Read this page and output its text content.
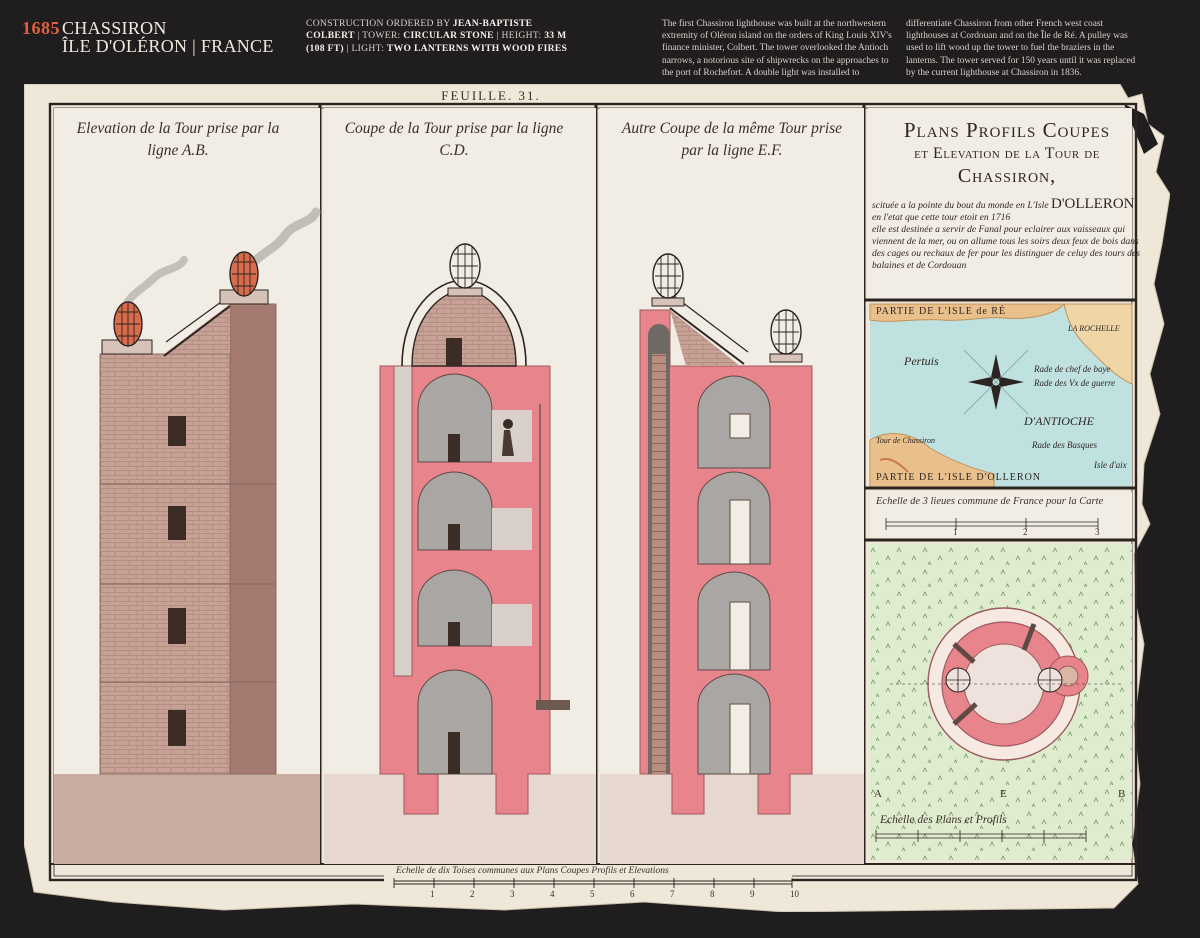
1685 CHASSIRON
ÎLE D'OLÉRON | FRANCE
CONSTRUCTION ORDERED BY JEAN-BAPTISTE
COLBERT | TOWER: CIRCULAR STONE | HEIGHT: 33 M
(108 FT) | LIGHT: TWO LANTERNS WITH WOOD FIRES
The first Chassiron lighthouse was built at the northwestern extremity of Oléron island on the orders of King Louis XIV's finance minister, Colbert. The tower overlooked the Antioch narrows, a notorious site of shipwrecks on the approaches to the port of Rochefort. A double light was installed to
differentiate Chassiron from other French west coast lighthouses at Cordouan and on the Île de Ré. A pulley was used to lift wood up the tower to fuel the braziers in the lanterns. The tower served for 150 years until it was replaced by the current lighthouse at Chassiron in 1836.
FEUILLE. 31.
Elevation de la Tour prise par la ligne A.B.
Coupe de la Tour prise par la ligne C.D.
Autre Coupe de la même Tour prise par la ligne E.F.
Plans Profils Coupes
et Elevation de la Tour de
Chassiron,
scituée a la pointe du bout du monde en L'Isle D'OLLERON en l'etat que cette tour etoit en 1716
elle est destinée a servir de Fanal pour eclairer aux vaisseaux qui viennent de la mer, ou on allume tous les soirs deux feux de bois dans des cages ou rechaux de fer pour les distinguer de celuy des tours des balaines et de Cordouan
PARTIE DE L'ISLE de RÉ
Pertuis
D'ANTIOCHE
Rade de chef de baye
Rade des Vx de guerre
LA ROCHELLE
Rade des Basques
Isle d'aix
Tour de Chassiron
PARTIE DE L'ISLE D'OLLERON
Echelle de 3 lieues commune de France pour la Carte
1	2	3
A	B
E
Echelle des Plans et Profils
Echelle de dix Toises communes aux Plans Coupes Profils et Elevations
1	2	3	4	5	6	7	8	9	10
